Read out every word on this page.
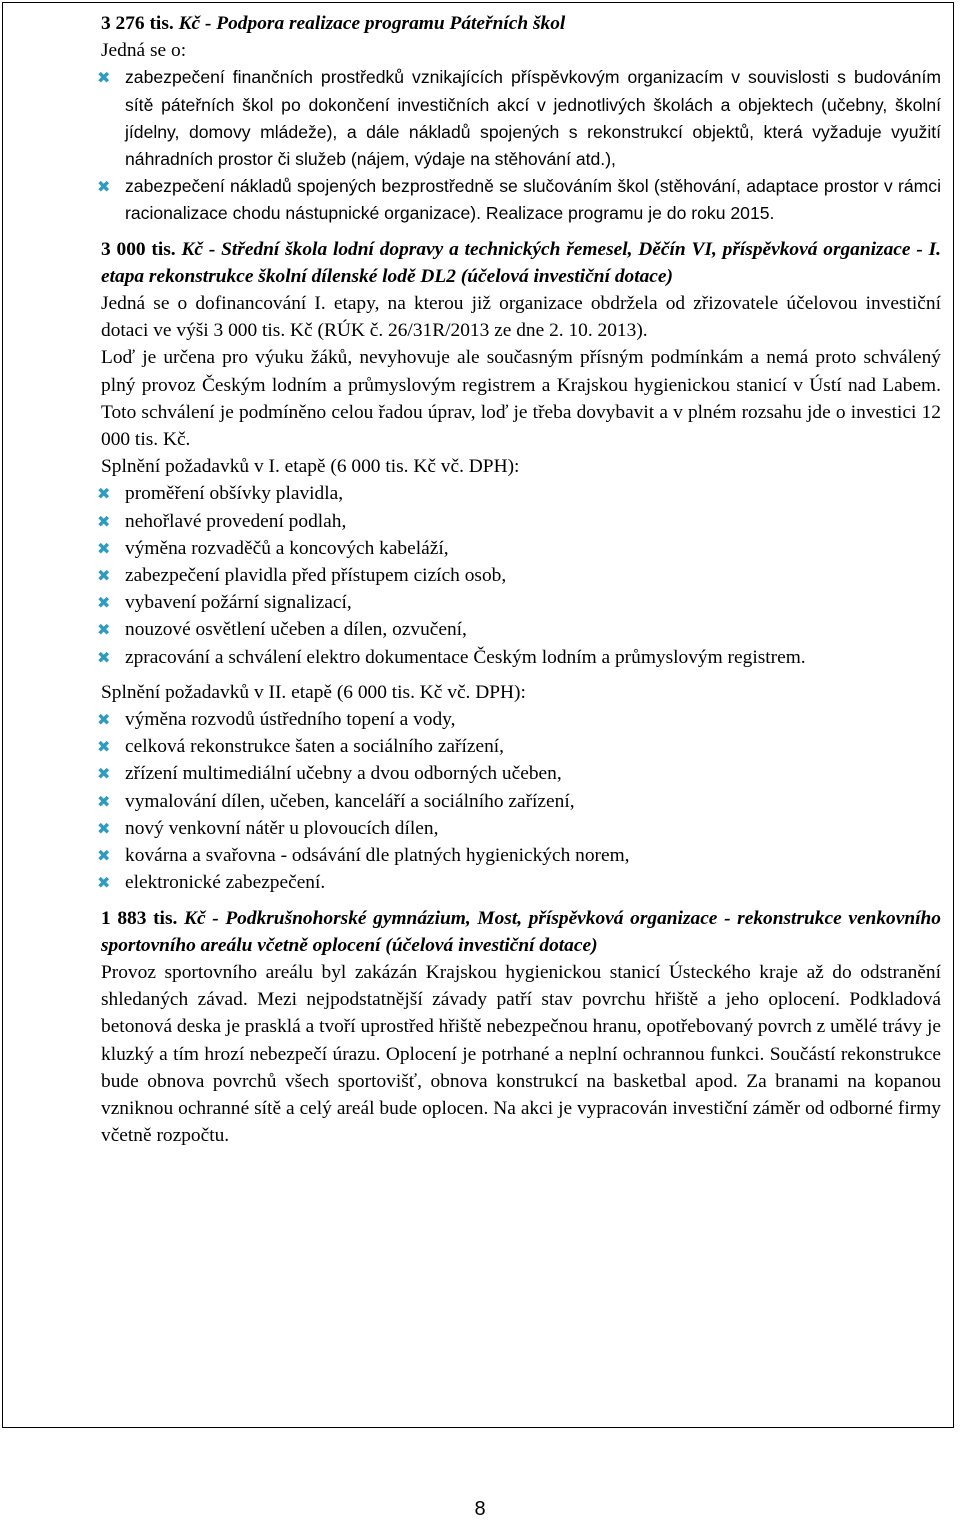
3 276 tis. Kč - Podpora realizace programu Páteřních škol

Jedná se o:

✖ zabezpečení finančních prostředků vznikajících příspěvkovým organizacím v souvislosti s budováním sítě páteřních škol po dokončení investičních akcí v jednotlivých školách a objektech (učebny, školní jídelny, domovy mládeže), a dále nákladů spojených s rekonstrukcí objektů, která vyžaduje využití náhradních prostor či služeb (nájem, výdaje na stěhování atd.),
✖ zabezpečení nákladů spojených bezprostředně se slučováním škol (stěhování, adaptace prostor v rámci racionalizace chodu nástupnické organizace). Realizace programu je do roku 2015.

3 000 tis. Kč - Střední škola lodní dopravy a technických řemesel, Děčín VI, příspěvková organizace - I. etapa rekonstrukce školní dílenské lodě DL2 (účelová investiční dotace)

Jedná se o dofinancování I. etapy, na kterou již organizace obdržela od zřizovatele účelovou investiční dotaci ve výši 3 000 tis. Kč (RÚK č. 26/31R/2013 ze dne 2. 10. 2013).

Loď je určena pro výuku žáků, nevyhovuje ale současným přísným podmínkám a nemá proto schválený plný provoz Českým lodním a průmyslovým registrem a Krajskou hygienickou stanicí v Ústí nad Labem. Toto schválení je podmíněno celou řadou úprav, loď je třeba dovybavit a v plném rozsahu jde o investici 12 000 tis. Kč.

Splnění požadavků v I. etapě (6 000 tis. Kč vč. DPH):

✖ proměření obšívky plavidla,
✖ nehořlavé provedení podlah,
✖ výměna rozvaděčů a koncových kabeláží,
✖ zabezpečení plavidla před přístupem cizích osob,
✖ vybavení požární signalizací,
✖ nouzové osvětlení učeben a dílen, ozvučení,
✖ zpracování a schválení elektro dokumentace Českým lodním a průmyslovým registrem.

Splnění požadavků v II. etapě (6 000 tis. Kč vč. DPH):

✖ výměna rozvodů ústředního topení a vody,
✖ celková rekonstrukce šaten a sociálního zařízení,
✖ zřízení multimediální učebny a dvou odborných učeben,
✖ vymalování dílen, učeben, kanceláří a sociálního zařízení,
✖ nový venkovní nátěr u plovoucích dílen,
✖ kovárna a svařovna - odsávání dle platných hygienických norem,
✖ elektronické zabezpečení.

1 883 tis. Kč - Podkrušnohorské gymnázium, Most, příspěvková organizace - rekonstrukce venkovního sportovního areálu včetně oplocení (účelová investiční dotace)

Provoz sportovního areálu byl zakázán Krajskou hygienickou stanicí Ústeckého kraje až do odstranění shledaných závad. Mezi nejpodstatnější závady patří stav povrchu hřiště a jeho oplocení. Podkladová betonová deska je prasklá a tvoří uprostřed hřiště nebezpečnou hranu, opotřebovaný povrch z umělé trávy je kluzký a tím hrozí nebezpečí úrazu. Oplocení je potrhané a neplní ochrannou funkci. Součástí rekonstrukce bude obnova povrchů všech sportovišť, obnova konstrukcí na basketbal apod. Za branami na kopanou vzniknou ochranné sítě a celý areál bude oplocen. Na akci je vypracován investiční záměr od odborné firmy včetně rozpočtu.

8
